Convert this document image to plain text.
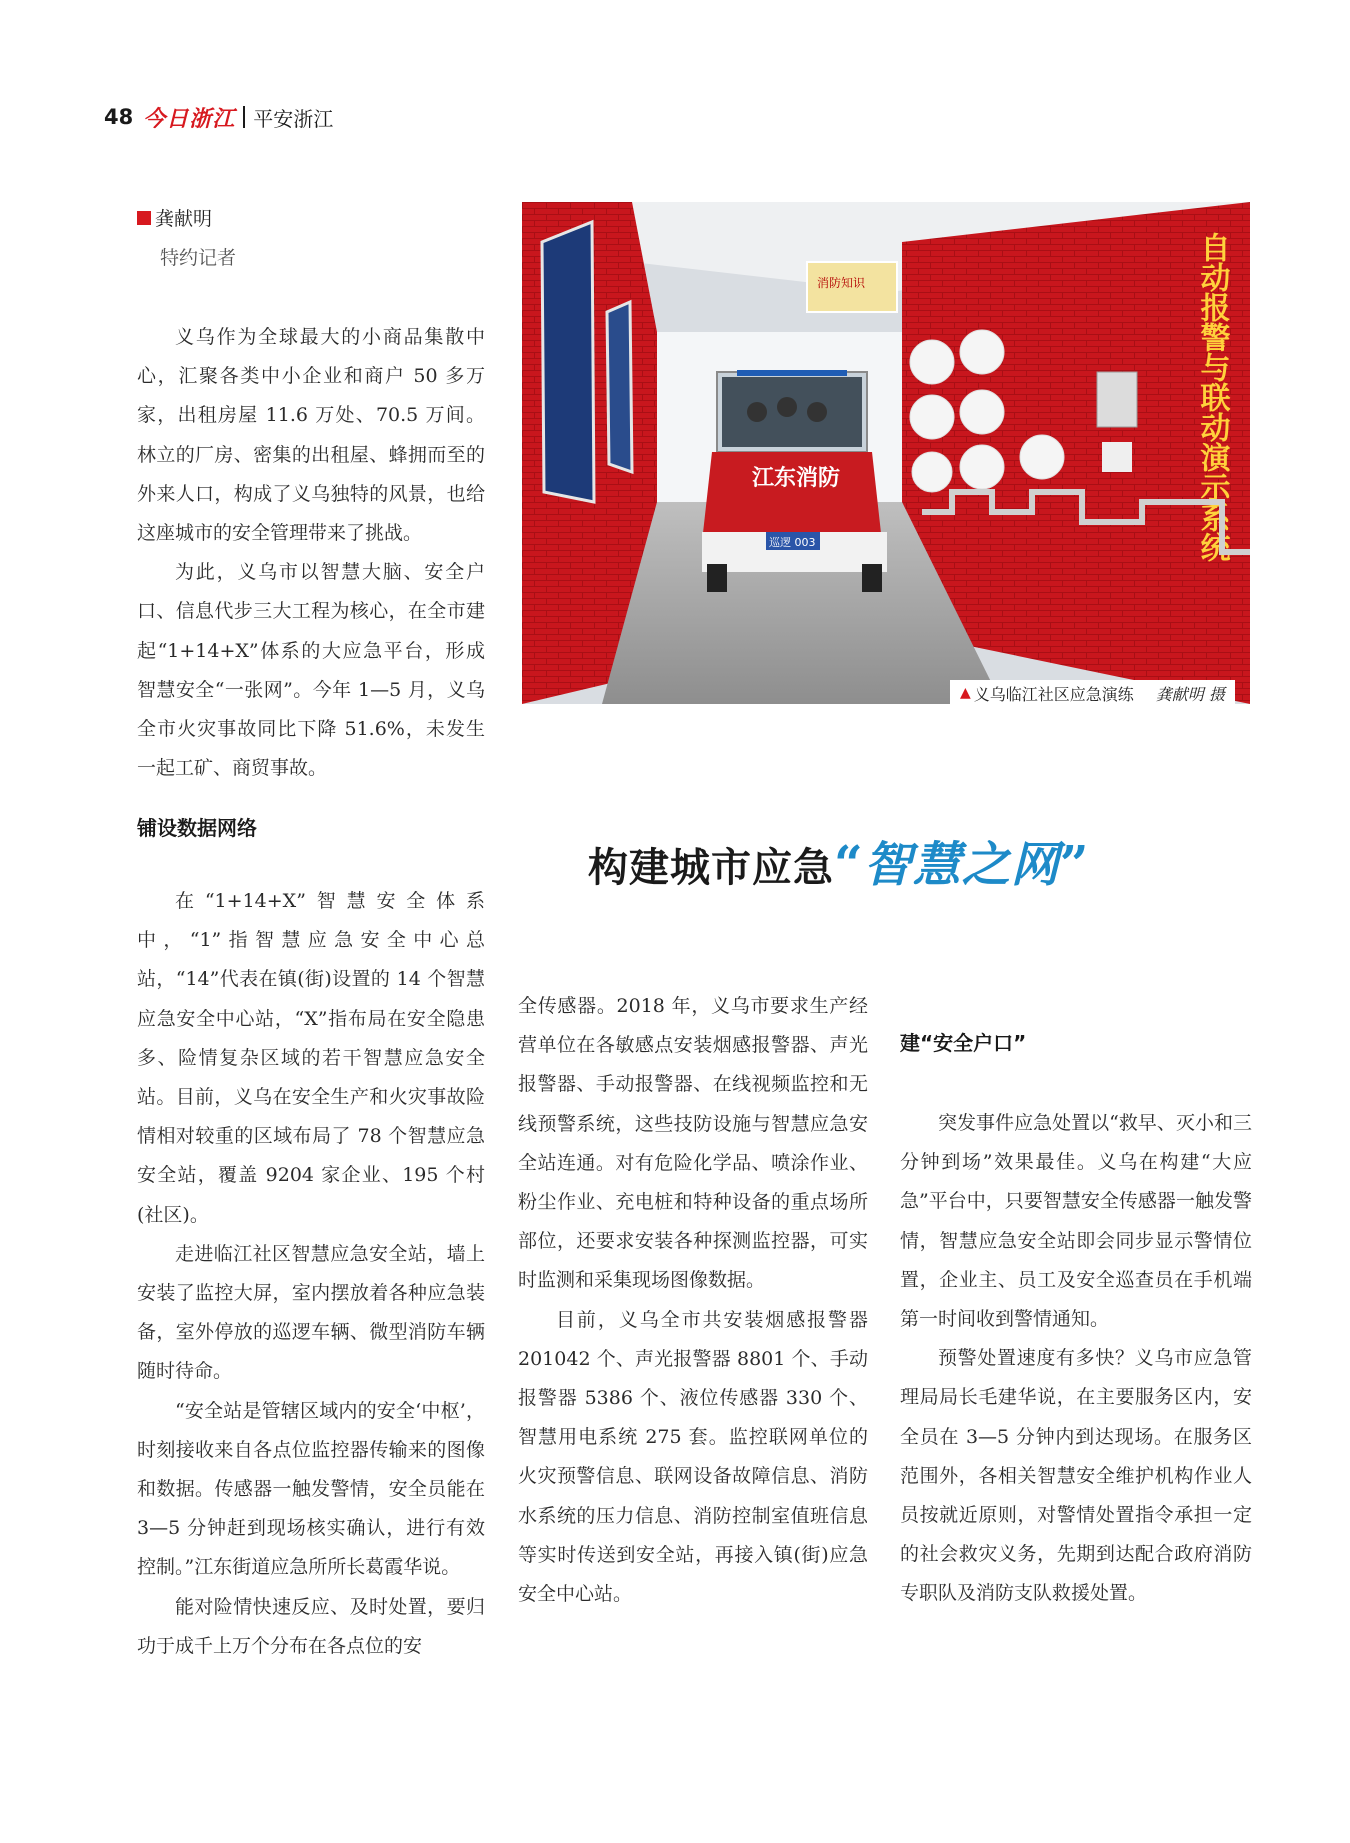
48 今日浙江 平安浙江
龚献明
特约记者

义乌作为全球最大的小商品集散中心，汇聚各类中小企业和商户 50 多万家，出租房屋 11.6 万处、70.5 万间。林立的厂房、密集的出租屋、蜂拥而至的外来人口，构成了义乌独特的风景，也给这座城市的安全管理带来了挑战。

为此，义乌市以智慧大脑、安全户口、信息代步三大工程为核心，在全市建起“1+14+X”体系的大应急平台，形成智慧安全“一张网”。今年 1—5 月，义乌全市火灾事故同比下降 51.6%，未发生一起工矿、商贸事故。

铺设数据网络

在“1+14+X”智慧安全体系中，“1”指智慧应急安全中心总站，“14”代表在镇(街)设置的 14 个智慧应急安全中心站，“X”指布局在安全隐患多、险情复杂区域的若干智慧应急安全站。目前，义乌在安全生产和火灾事故险情相对较重的区域布局了 78 个智慧应急安全站，覆盖 9204 家企业、195 个村(社区)。

走进临江社区智慧应急安全站，墙上安装了监控大屏，室内摆放着各种应急装备，室外停放的巡逻车辆、微型消防车辆随时待命。

“安全站是管辖区域内的安全‘中枢’，时刻接收来自各点位监控器传输来的图像和数据。传感器一触发警情，安全员能在 3—5 分钟赶到现场核实确认，进行有效控制。”江东街道应急所所长葛霞华说。

能对险情快速反应、及时处置，要归功于成千上万个分布在各点位的安

自动报警与联动演示系统
消防知识
江东消防
巡逻 003
▲ 义乌临江社区应急演练 龚献明 摄
构建城市应急“智慧之网”

全传感器。2018 年，义乌市要求生产经营单位在各敏感点安装烟感报警器、声光报警器、手动报警器、在线视频监控和无线预警系统，这些技防设施与智慧应急安全站连通。对有危险化学品、喷涂作业、粉尘作业、充电桩和特种设备的重点场所部位，还要求安装各种探测监控器，可实时监测和采集现场图像数据。

目前，义乌全市共安装烟感报警器 201042 个、声光报警器 8801 个、手动报警器 5386 个、液位传感器 330 个、智慧用电系统 275 套。监控联网单位的火灾预警信息、联网设备故障信息、消防水系统的压力信息、消防控制室值班信息等实时传送到安全站，再接入镇(街)应急安全中心站。

建“安全户口”

突发事件应急处置以“救早、灭小和三分钟到场”效果最佳。义乌在构建“大应急”平台中，只要智慧安全传感器一触发警情，智慧应急安全站即会同步显示警情位置，企业主、员工及安全巡查员在手机端第一时间收到警情通知。

预警处置速度有多快？义乌市应急管理局局长毛建华说，在主要服务区内，安全员在 3—5 分钟内到达现场。在服务区范围外，各相关智慧安全维护机构作业人员按就近原则，对警情处置指令承担一定的社会救灾义务，先期到达配合政府消防专职队及消防支队救援处置。
